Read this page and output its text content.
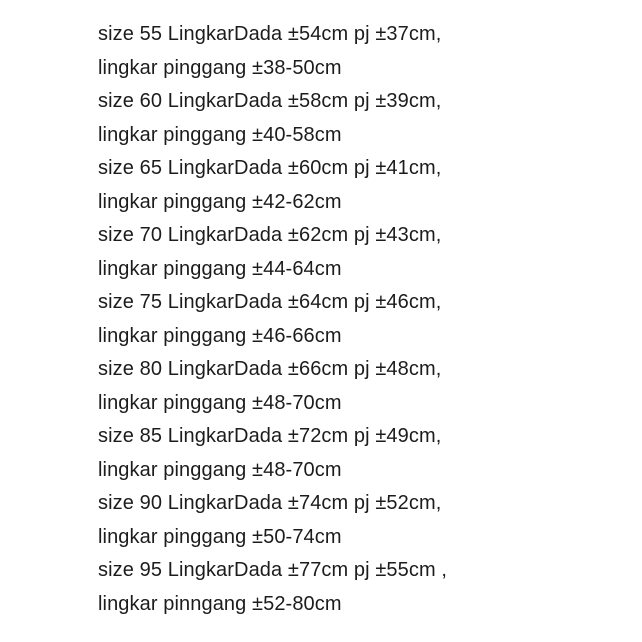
size 55 LingkarDada ±54cm pj ±37cm,
lingkar pinggang ±38-50cm
size 60 LingkarDada ±58cm pj ±39cm,
lingkar pinggang ±40-58cm
size 65 LingkarDada ±60cm pj ±41cm,
lingkar pinggang ±42-62cm
size 70 LingkarDada ±62cm pj ±43cm,
lingkar pinggang ±44-64cm
size 75 LingkarDada ±64cm pj ±46cm,
lingkar pinggang ±46-66cm
size 80 LingkarDada ±66cm pj ±48cm,
lingkar pinggang ±48-70cm
size 85 LingkarDada ±72cm pj ±49cm,
lingkar pinggang ±48-70cm
size 90 LingkarDada ±74cm pj ±52cm,
lingkar pinggang ±50-74cm
size 95 LingkarDada ±77cm pj ±55cm ,
lingkar pinngang ±52-80cm
